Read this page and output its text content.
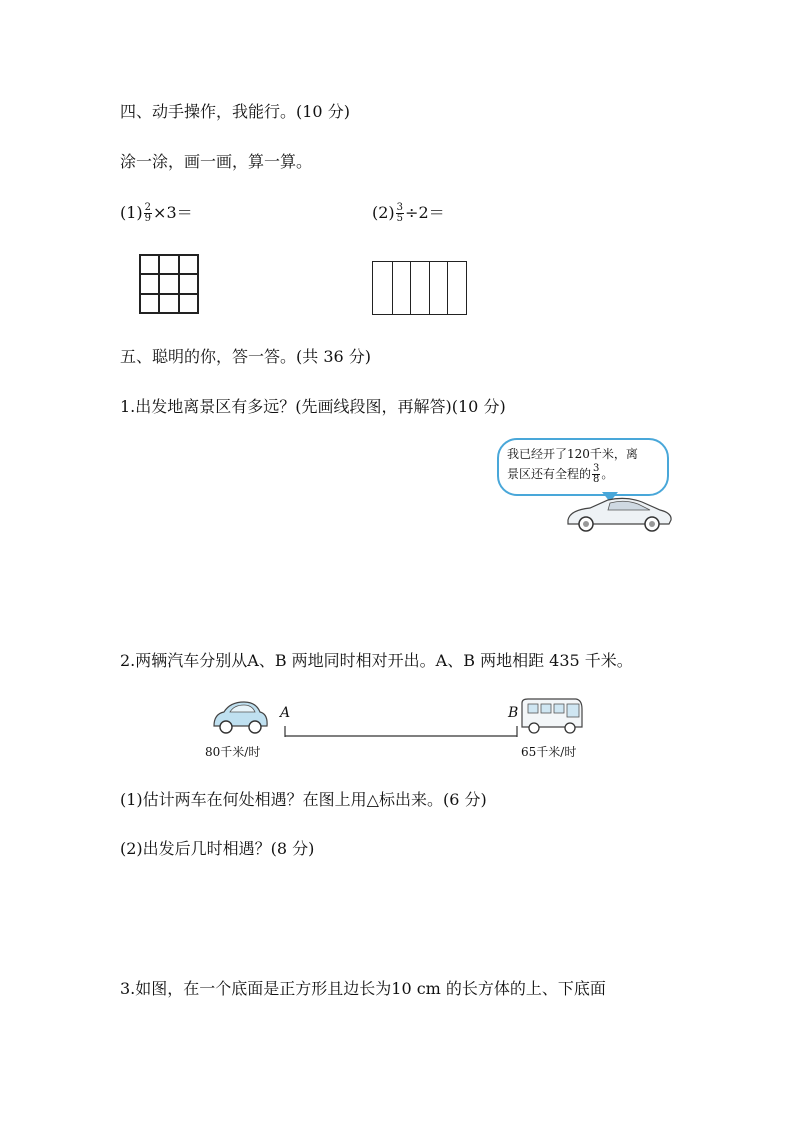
四、动手操作，我能行。(10 分)
涂一涂，画一画，算一算。
$(1) \frac{2}{9} \times 3=$	$(2) \frac{3}{5} \div 2=$
五、聪明的你，答一答。(共 36 分)
1.出发地离景区有多远？(先画线段图，再解答)(10 分)
我已经开了120千米，离
景区还有全程的 $\frac{3}{8}$ 。
2.两辆汽车分别从A、B 两地同时相对开出。A、B 两地相距 435 千米。
A	B
80千米/时	65千米/时
(1)估计两车在何处相遇？在图上用△标出来。(6 分)
(2)出发后几时相遇？(8 分)
3.如图，在一个底面是正方形且边长为10 cm 的长方体的上、下底面
